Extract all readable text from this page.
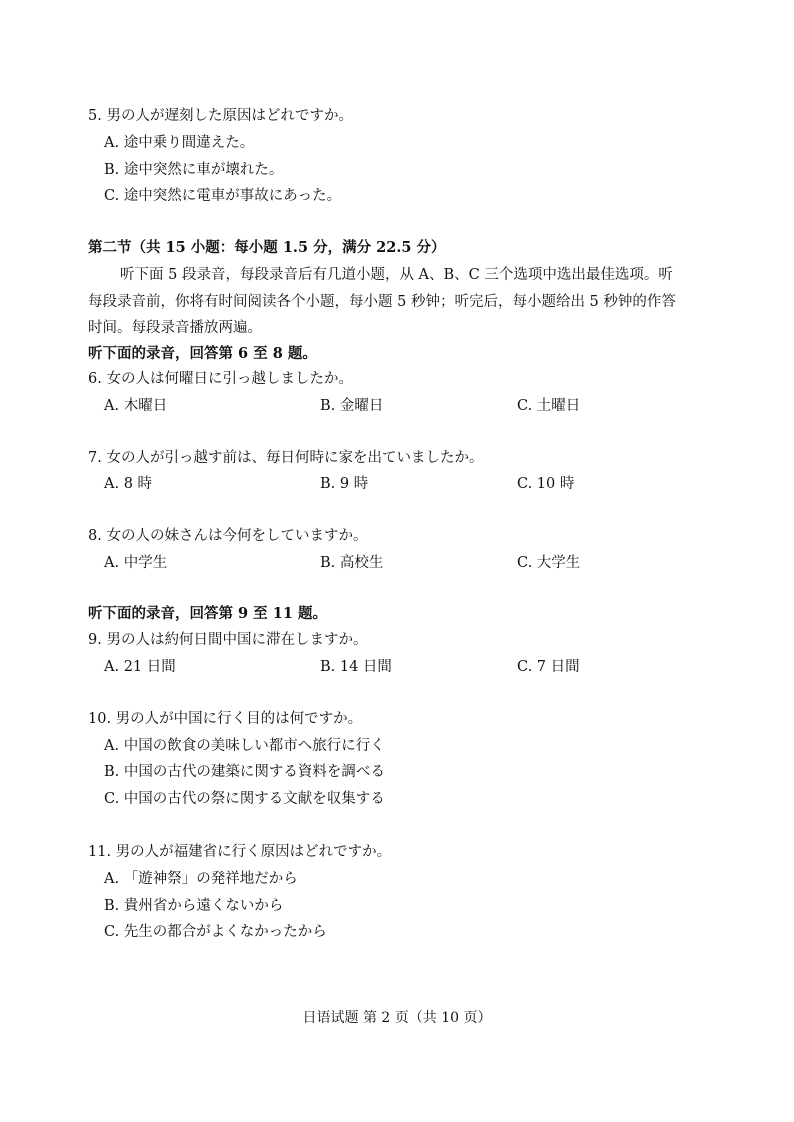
5. 男の人が遅刻した原因はどれですか。
A. 途中乗り間違えた。
B. 途中突然に車が壊れた。
C. 途中突然に電車が事故にあった。
第二节（共 15 小题：每小题 1.5 分，满分 22.5 分）
听下面 5 段录音，每段录音后有几道小题，从 A、B、C 三个选项中选出最佳选项。听
每段录音前，你将有时间阅读各个小题，每小题 5 秒钟；听完后，每小题给出 5 秒钟的作答
时间。每段录音播放两遍。
听下面的录音，回答第 6 至 8 题。
6. 女の人は何曜日に引っ越しましたか。
A. 木曜日	B. 金曜日	C. 土曜日
7. 女の人が引っ越す前は、毎日何時に家を出ていましたか。
A. 8 時	B. 9 時	C. 10 時
8. 女の人の妹さんは今何をしていますか。
A. 中学生	B. 高校生	C. 大学生
听下面的录音，回答第 9 至 11 题。
9. 男の人は約何日間中国に滞在しますか。
A. 21 日間	B. 14 日間	C. 7 日間
10. 男の人が中国に行く目的は何ですか。
A. 中国の飲食の美味しい都市へ旅行に行く
B. 中国の古代の建築に関する資料を調べる
C. 中国の古代の祭に関する文献を収集する
11. 男の人が福建省に行く原因はどれですか。
A. 「遊神祭」の発祥地だから
B. 貴州省から遠くないから
C. 先生の都合がよくなかったから
日语试题 第 2 页（共 10 页）
